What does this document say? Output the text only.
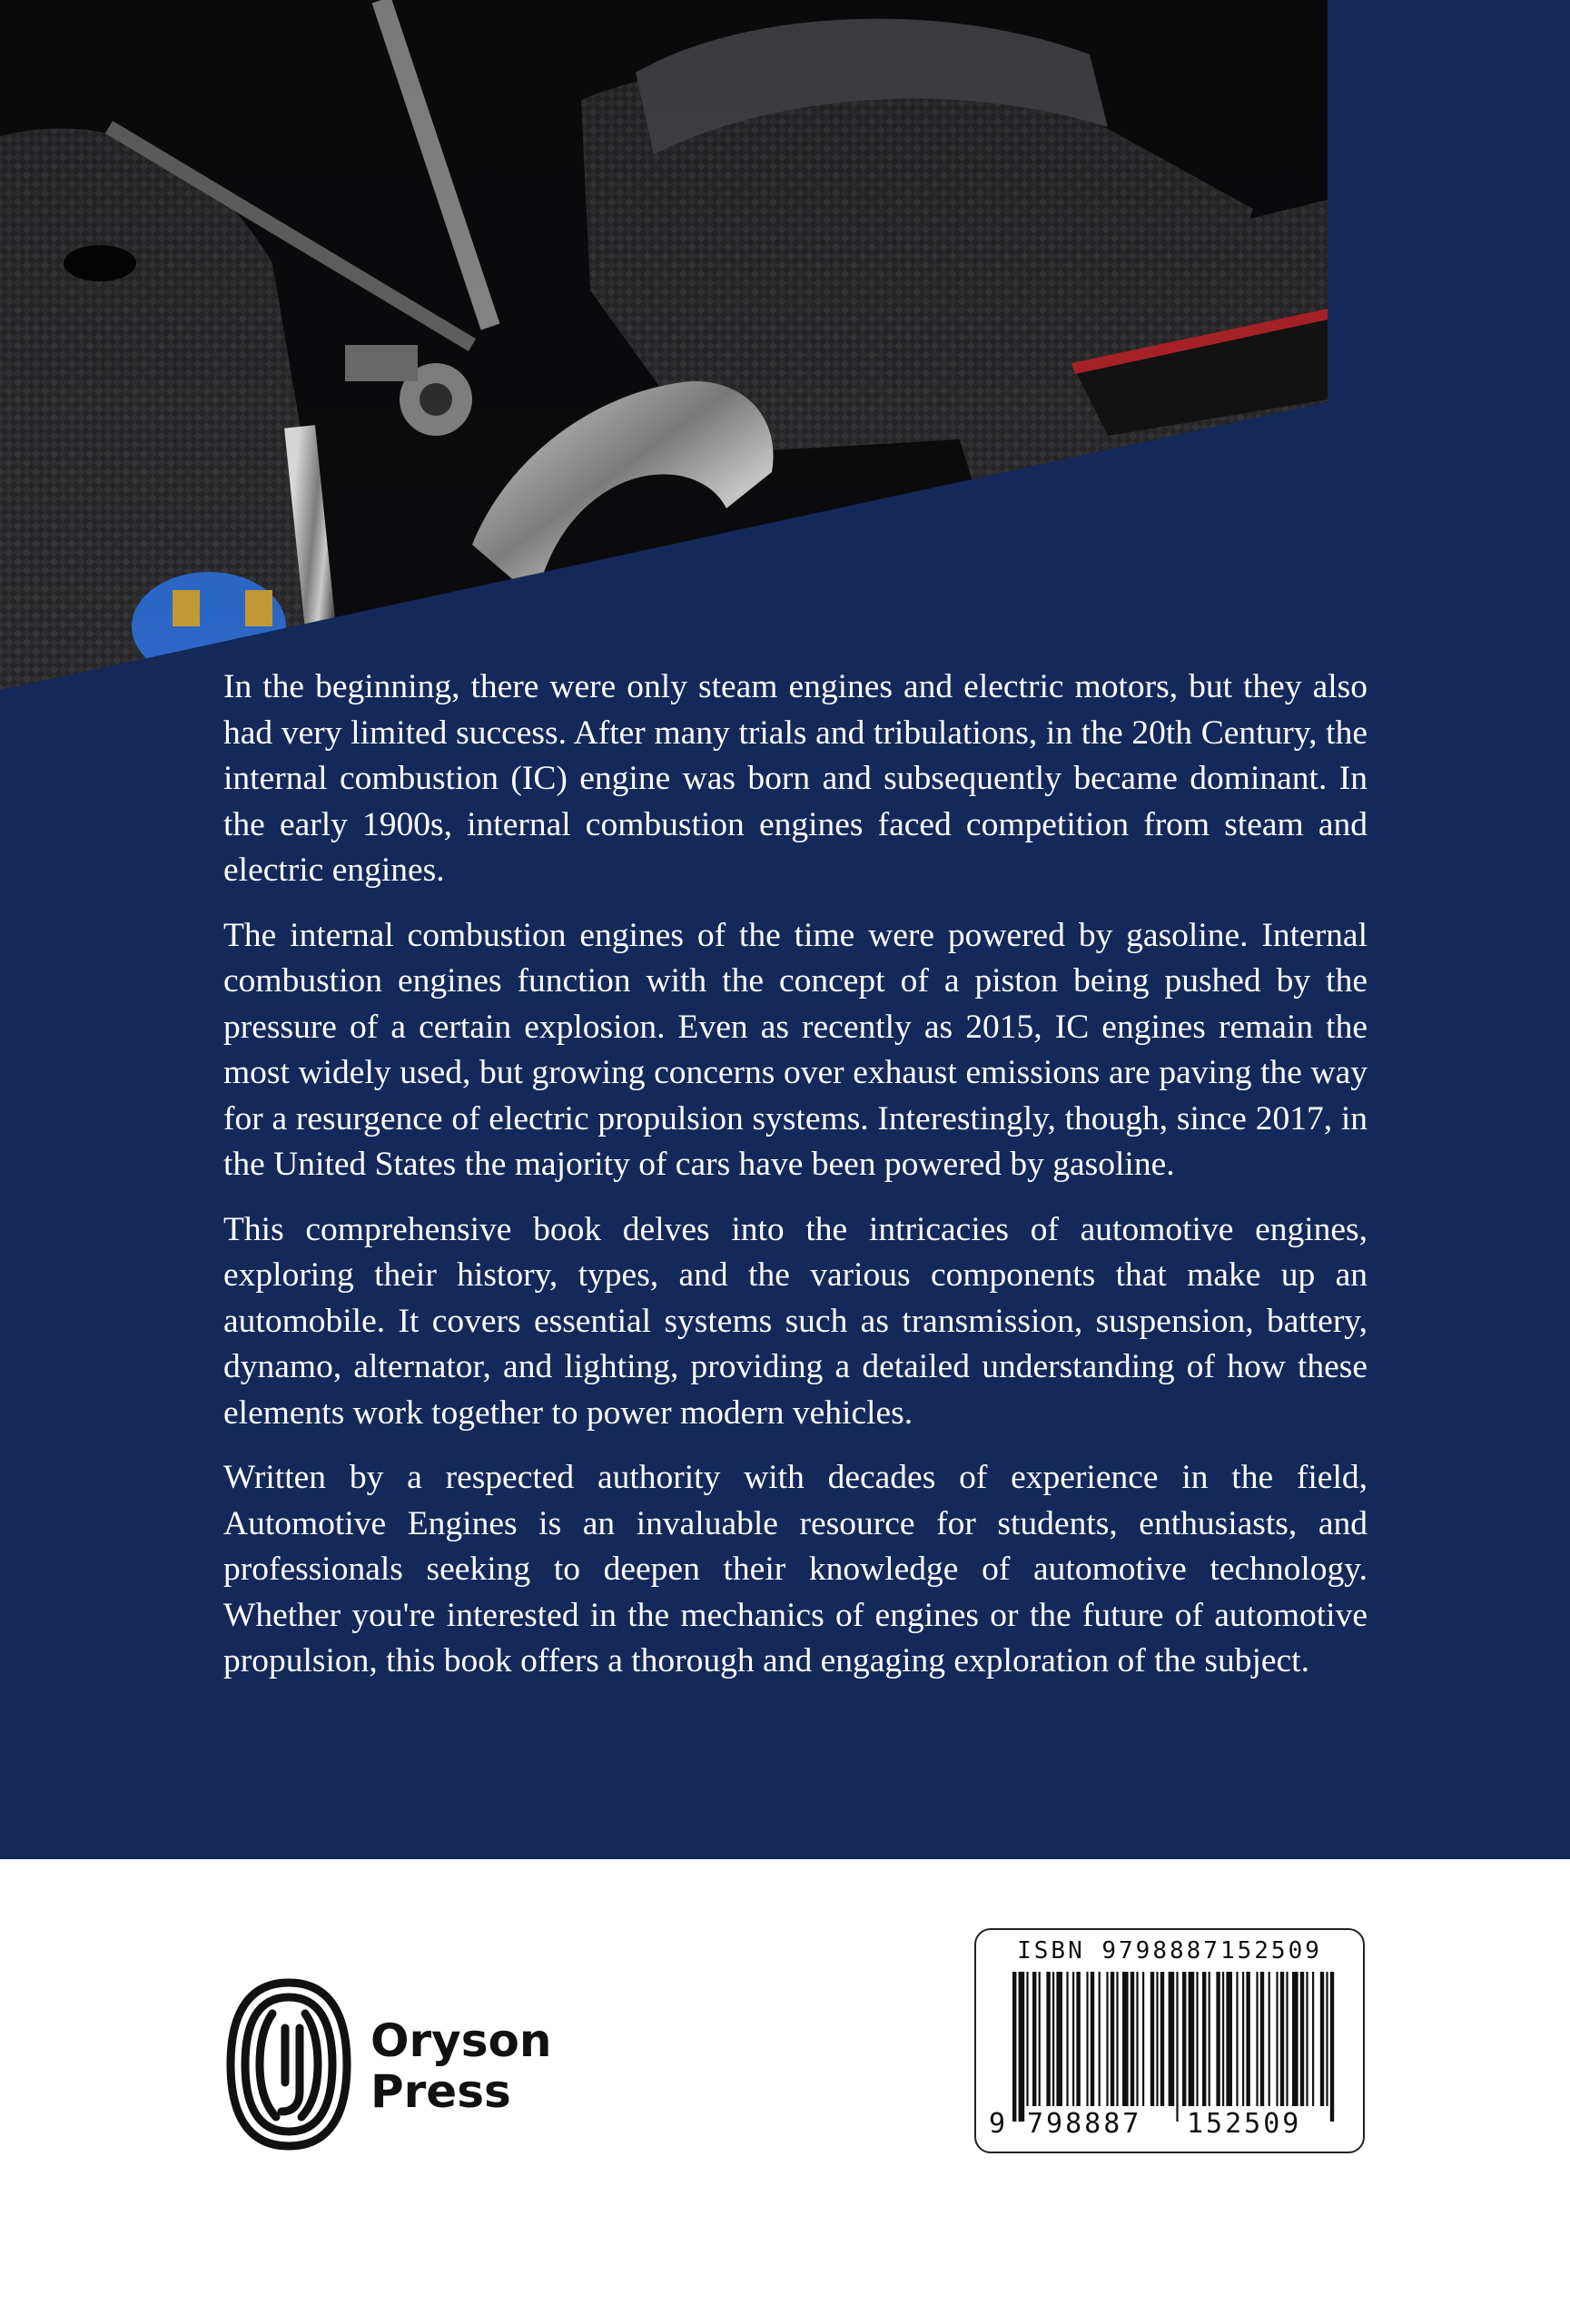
In the beginning, there were only steam engines and electric motors, but they also had very limited success. After many trials and tribulations, in the 20th Century, the internal combustion (IC) engine was born and subsequently became dominant. In the early 1900s, internal combustion engines faced competition from steam and electric engines.

The internal combustion engines of the time were powered by gasoline. Internal combustion engines function with the concept of a piston being pushed by the pressure of a certain explosion. Even as recently as 2015, IC engines remain the most widely used, but growing concerns over exhaust emissions are paving the way for a resurgence of electric propulsion systems. Interestingly, though, since 2017, in the United States the majority of cars have been powered by gasoline.

This comprehensive book delves into the intricacies of automotive engines, exploring their history, types, and the various components that make up an automobile. It covers essential systems such as transmission, suspension, battery, dynamo, alternator, and lighting, providing a detailed understanding of how these elements work together to power modern vehicles.

Written by a respected authority with decades of experience in the field, Automotive Engines is an invaluable resource for students, enthusiasts, and professionals seeking to deepen their knowledge of automotive technology. Whether you're interested in the mechanics of engines or the future of automotive propulsion, this book offers a thorough and engaging exploration of the subject.

Oryson
Press
ISBN 9798887152509
9 798887 152509
